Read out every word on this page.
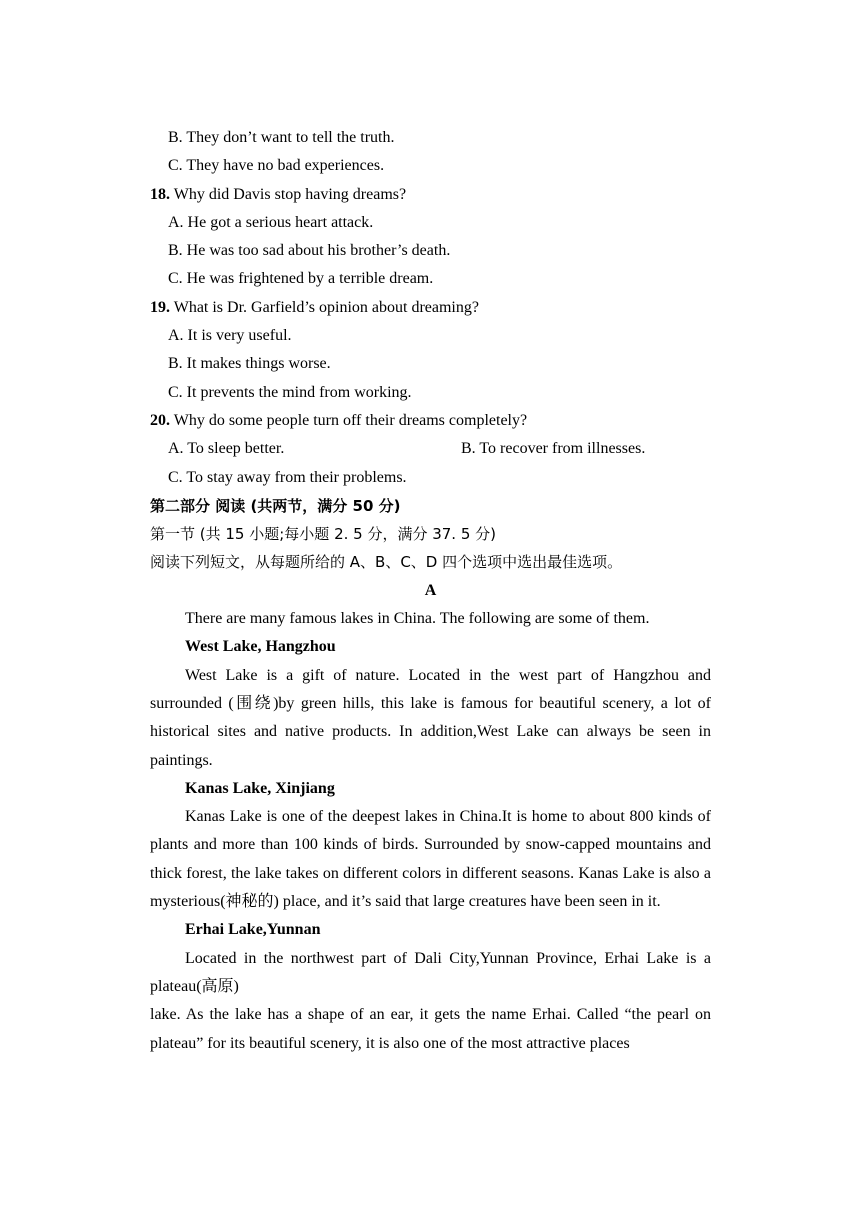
B. They don’t want to tell the truth.
C. They have no bad experiences.
18. Why did Davis stop having dreams?
A. He got a serious heart attack.
B. He was too sad about his brother’s death.
C. He was frightened by a terrible dream.
19. What is Dr. Garfield’s opinion about dreaming?
A. It is very useful.
B. It makes things worse.
C. It prevents the mind from working.
20. Why do some people turn off their dreams completely?
A. To sleep better.	B. To recover from illnesses.
C. To stay away from their problems.
第二部分 阅读 (共两节，满分 50 分)
第一节 (共 15 小题;每小题 2. 5 分，满分 37. 5 分)
阅读下列短文，从每题所给的 A、B、C、D 四个选项中选出最佳选项。
A
There are many famous lakes in China. The following are some of them.
West Lake, Hangzhou

West Lake is a gift of nature. Located in the west part of Hangzhou and surrounded (围绕)by green hills, this lake is famous for beautiful scenery, a lot of historical sites and native products. In addition,West Lake can always be seen in paintings.

Kanas Lake, Xinjiang

Kanas Lake is one of the deepest lakes in China.It is home to about 800 kinds of plants and more than 100 kinds of birds. Surrounded by snow-capped mountains and thick forest, the lake takes on different colors in different seasons. Kanas Lake is also a mysterious(神秘的) place, and it’s said that large creatures have been seen in it.

Erhai Lake,Yunnan

Located in the northwest part of Dali City,Yunnan Province, Erhai Lake is a plateau(高原)

lake. As the lake has a shape of an ear, it gets the name Erhai. Called “the pearl on plateau” for its beautiful scenery, it is also one of the most attractive places
